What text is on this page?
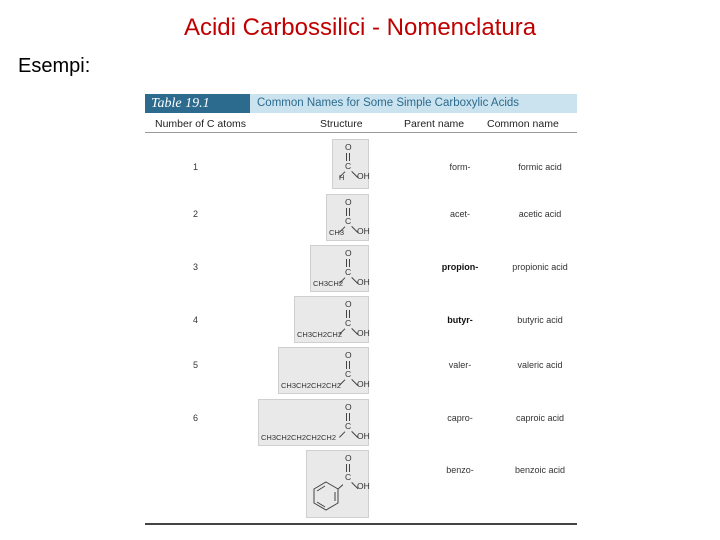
Acidi Carbossilici - Nomenclatura
Esempi:
Table 19.1	Common Names for Some Simple Carboxylic Acids
Number of C atoms	Structure	Parent name Common name
1	form-	formic acid
O
C
OH
H
2	acet-	acetic acid
O
C
OH
CH3
3	propion-	propionic acid
O
C
OH
CH3CH2
4	butyr-	butyric acid
O
C
OH
CH3CH2CH2
5	valer-	valeric acid
O
C
OH
CH3CH2CH2CH2
6	capro-	caproic acid
O
C
OH
CH3CH2CH2CH2CH2
benzo-	benzoic acid
O
C
OH
